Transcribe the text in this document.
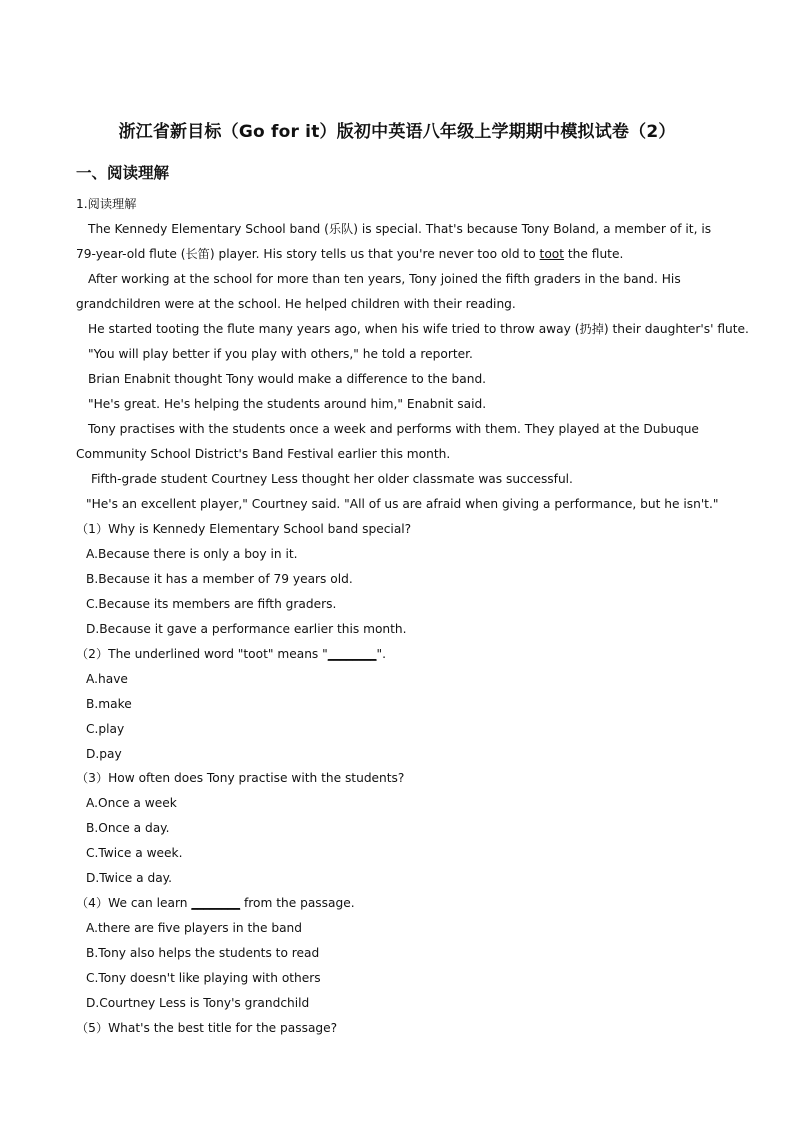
浙江省新目标（Go for it）版初中英语八年级上学期期中模拟试卷（2）
一、阅读理解
1.阅读理解
The Kennedy Elementary School band (乐队) is special. That's because Tony Boland, a member of it, is
79-year-old flute (长笛) player. His story tells us that you're never too old to toot the flute.
After working at the school for more than ten years, Tony joined the fifth graders in the band. His
grandchildren were at the school. He helped children with their reading.
He started tooting the flute many years ago, when his wife tried to throw away (扔掉) their daughter's' flute.
"You will play better if you play with others," he told a reporter.
Brian Enabnit thought Tony would make a difference to the band.
"He's great. He's helping the students around him," Enabnit said.
Tony practises with the students once a week and performs with them. They played at the Dubuque
Community School District's Band Festival earlier this month.
Fifth-grade student Courtney Less thought her older classmate was successful.
"He's an excellent player," Courtney said. "All of us are afraid when giving a performance, but he isn't."
（1）Why is Kennedy Elementary School band special?
A.Because there is only a boy in it.
B.Because it has a member of 79 years old.
C.Because its members are fifth graders.
D.Because it gave a performance earlier this month.
（2）The underlined word "toot" means "________".
A.have
B.make
C.play
D.pay
（3）How often does Tony practise with the students?
A.Once a week
B.Once a day.
C.Twice a week.
D.Twice a day.
（4）We can learn ________ from the passage.
A.there are five players in the band
B.Tony also helps the students to read
C.Tony doesn't like playing with others
D.Courtney Less is Tony's grandchild
（5）What's the best title for the passage?
